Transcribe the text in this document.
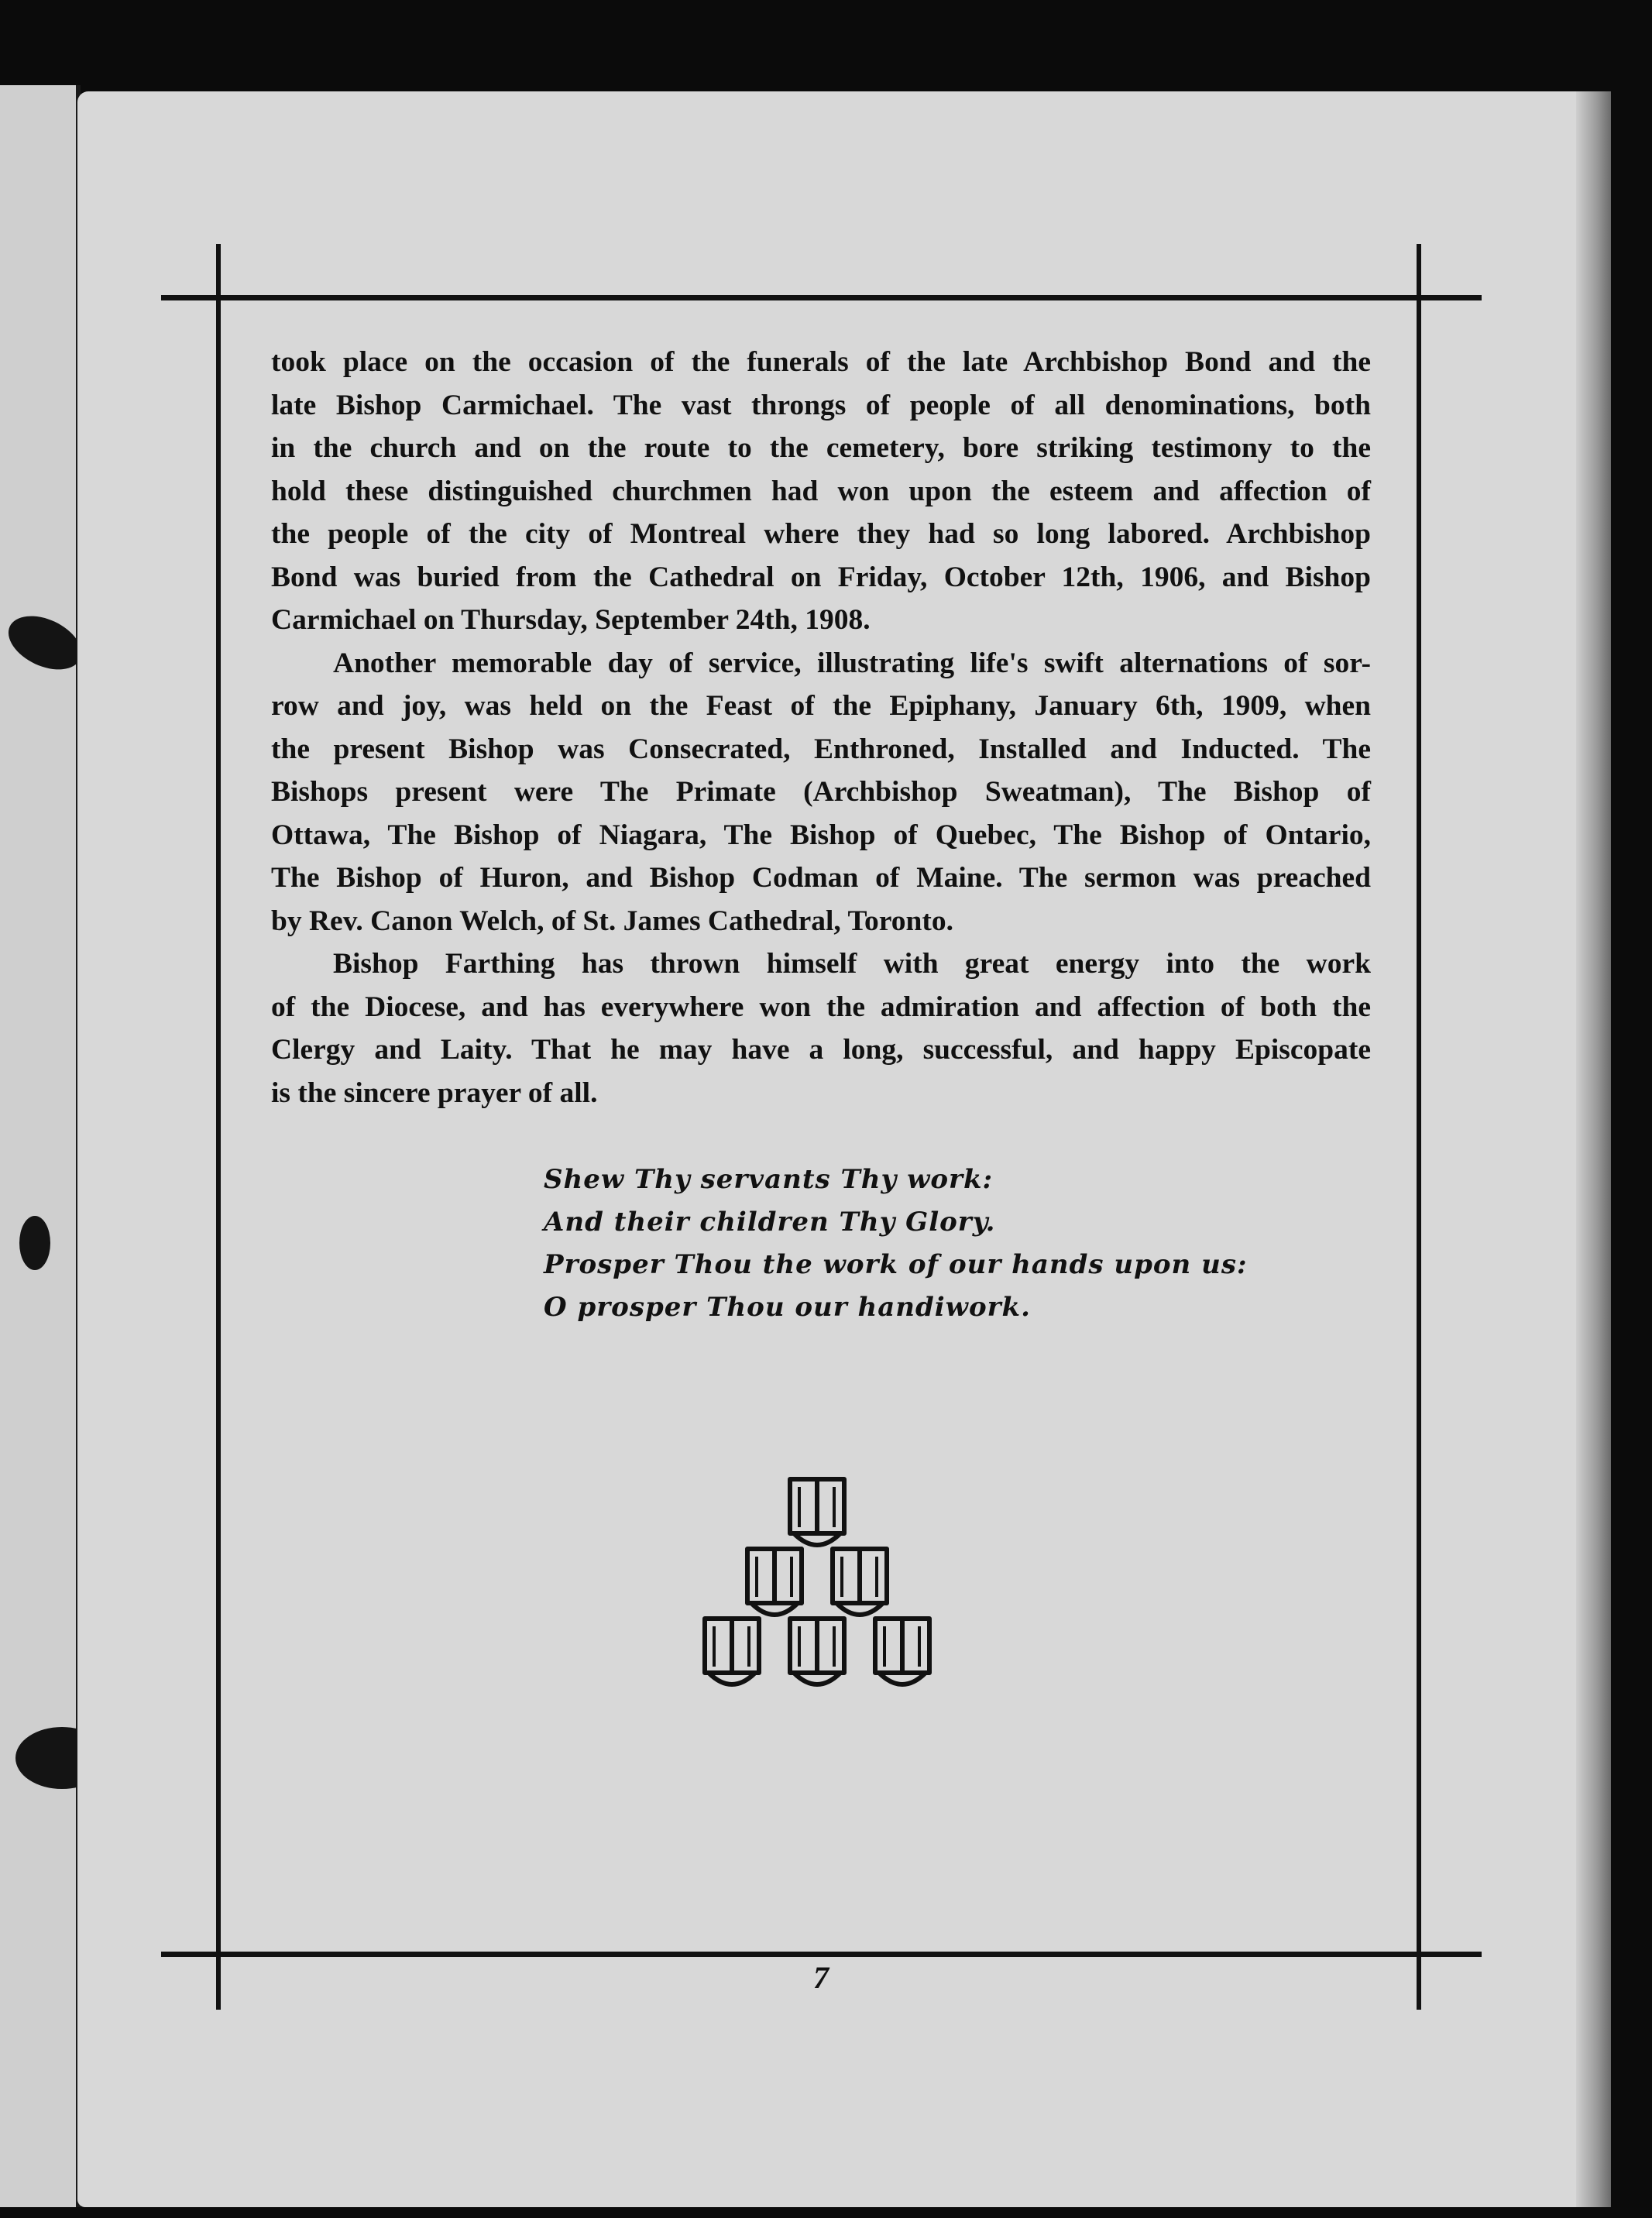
took place on the occasion of the funerals of the late Archbishop Bond and the
late Bishop Carmichael. The vast throngs of people of all denominations, both
in the church and on the route to the cemetery, bore striking testimony to the
hold these distinguished churchmen had won upon the esteem and affection of
the people of the city of Montreal where they had so long labored. Archbishop
Bond was buried from the Cathedral on Friday, October 12th, 1906, and Bishop
Carmichael on Thursday, September 24th, 1908.

Another memorable day of service, illustrating life's swift alternations of sor-
row and joy, was held on the Feast of the Epiphany, January 6th, 1909, when
the present Bishop was Consecrated, Enthroned, Installed and Inducted. The
Bishops present were The Primate (Archbishop Sweatman), The Bishop of
Ottawa, The Bishop of Niagara, The Bishop of Quebec, The Bishop of Ontario,
The Bishop of Huron, and Bishop Codman of Maine. The sermon was preached
by Rev. Canon Welch, of St. James Cathedral, Toronto.

Bishop Farthing has thrown himself with great energy into the work
of the Diocese, and has everywhere won the admiration and affection of both the
Clergy and Laity. That he may have a long, successful, and happy Episcopate
is the sincere prayer of all.

Shew Thy servants Thy work:
And their children Thy Glory.
Prosper Thou the work of our hands upon us:
O prosper Thou our handiwork.
7
